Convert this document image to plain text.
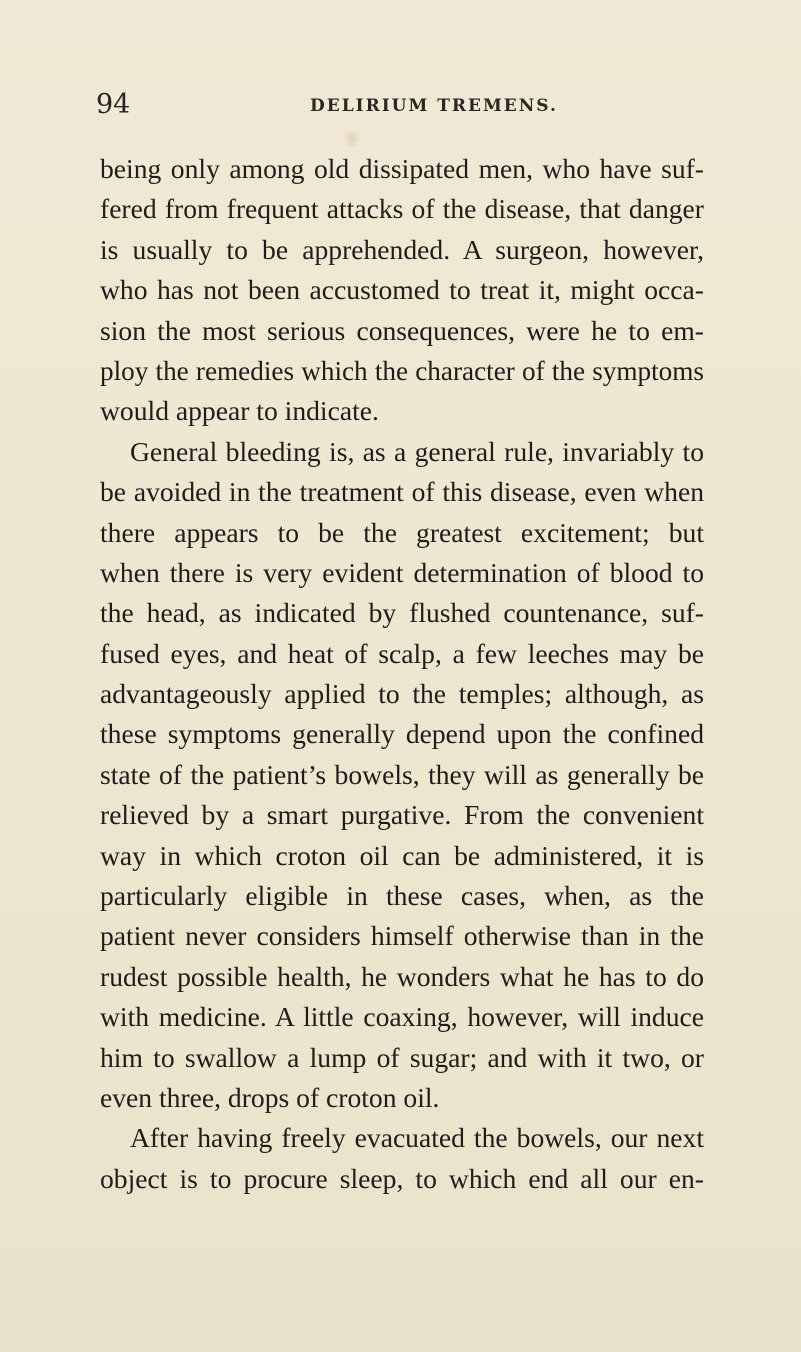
94	DELIRIUM TREMENS.
being only among old dissipated men, who have suf-
fered from frequent attacks of the disease, that danger
is usually to be apprehended. A surgeon, however,
who has not been accustomed to treat it, might occa-
sion the most serious consequences, were he to em-
ploy the remedies which the character of the symptoms
would appear to indicate.
General bleeding is, as a general rule, invariably to
be avoided in the treatment of this disease, even when
there appears to be the greatest excitement; but
when there is very evident determination of blood to
the head, as indicated by flushed countenance, suf-
fused eyes, and heat of scalp, a few leeches may be
advantageously applied to the temples; although, as
these symptoms generally depend upon the confined
state of the patient’s bowels, they will as generally be
relieved by a smart purgative. From the convenient
way in which croton oil can be administered, it is
particularly eligible in these cases, when, as the
patient never considers himself otherwise than in the
rudest possible health, he wonders what he has to do
with medicine. A little coaxing, however, will induce
him to swallow a lump of sugar; and with it two, or
even three, drops of croton oil.
After having freely evacuated the bowels, our next
object is to procure sleep, to which end all our en-
